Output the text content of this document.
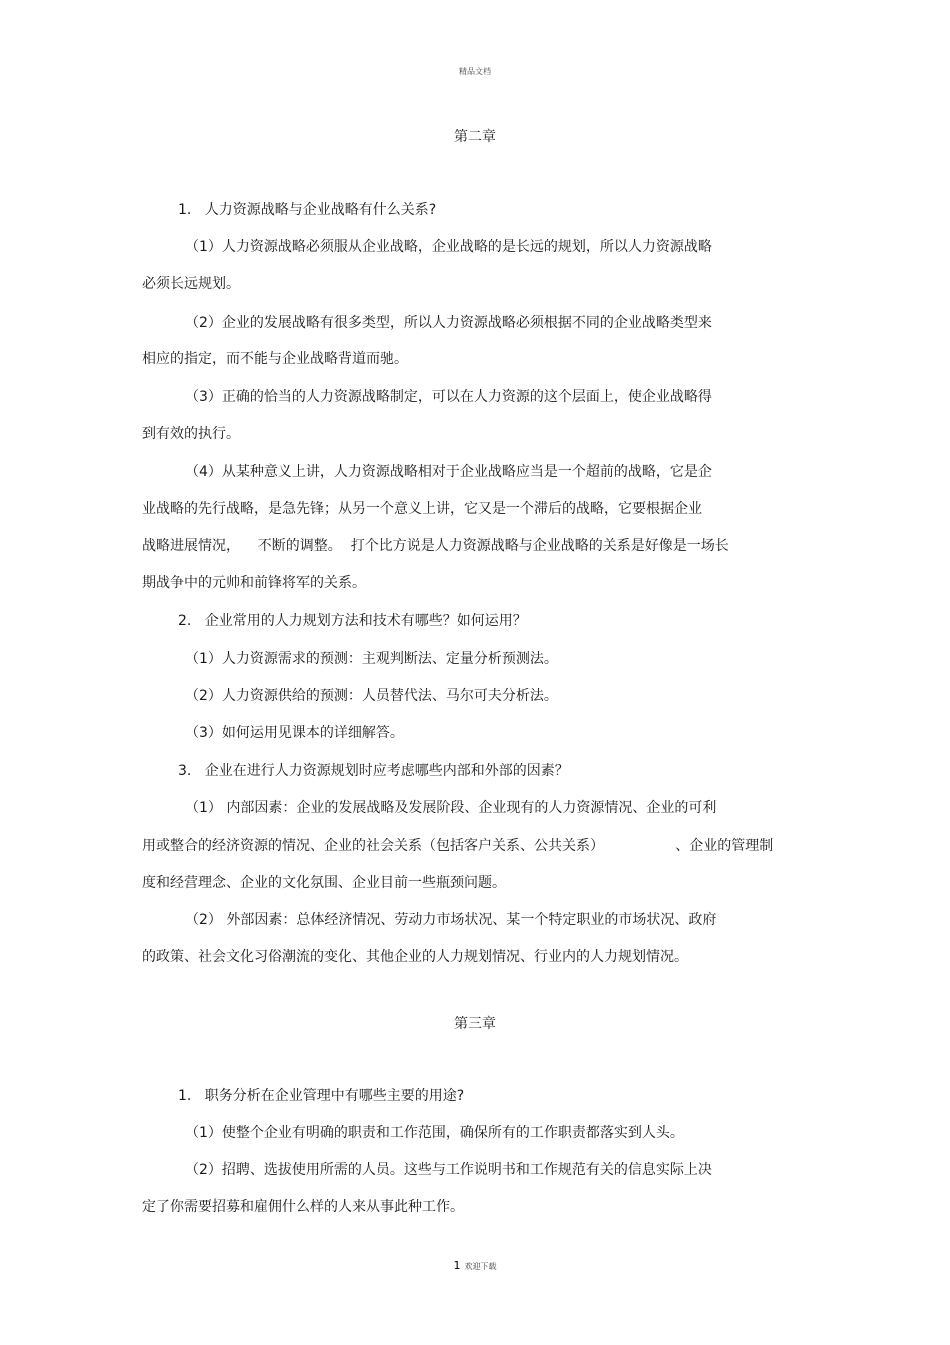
精品文档
第二章
1.   人力资源战略与企业战略有什么关系?
（1）人力资源战略必须服从企业战略，企业战略的是长远的规划，所以人力资源战略
必须长远规划。
（2）企业的发展战略有很多类型，所以人力资源战略必须根据不同的企业战略类型来
相应的指定，而不能与企业战略背道而驰。
（3）正确的恰当的人力资源战略制定，可以在人力资源的这个层面上，使企业战略得
到有效的执行。
（4）从某种意义上讲，人力资源战略相对于企业战略应当是一个超前的战略，它是企
业战略的先行战略，是急先锋；从另一个意义上讲，它又是一个滞后的战略，它要根据企业
战略进展情况，    不断的调整。  打个比方说是人力资源战略与企业战略的关系是好像是一场长
期战争中的元帅和前锋将军的关系。
2.   企业常用的人力规划方法和技术有哪些？如何运用？
（1）人力资源需求的预测：主观判断法、定量分析预测法。
（2）人力资源供给的预测：人员替代法、马尔可夫分析法。
（3）如何运用见课本的详细解答。
3.   企业在进行人力资源规划时应考虑哪些内部和外部的因素？
（1） 内部因素：企业的发展战略及发展阶段、企业现有的人力资源情况、企业的可利
用或整合的经济资源的情况、企业的社会关系（包括客户关系、公共关系）                、企业的管理制
度和经营理念、企业的文化氛围、企业目前一些瓶颈问题。
（2） 外部因素：总体经济情况、劳动力市场状况、某一个特定职业的市场状况、政府
的政策、社会文化习俗潮流的变化、其他企业的人力规划情况、行业内的人力规划情况。
第三章
1.   职务分析在企业管理中有哪些主要的用途?
（1）使整个企业有明确的职责和工作范围，确保所有的工作职责都落实到人头。
（2）招聘、选拔使用所需的人员。这些与工作说明书和工作规范有关的信息实际上决
定了你需要招募和雇佣什么样的人来从事此种工作。
1 欢迎下载
